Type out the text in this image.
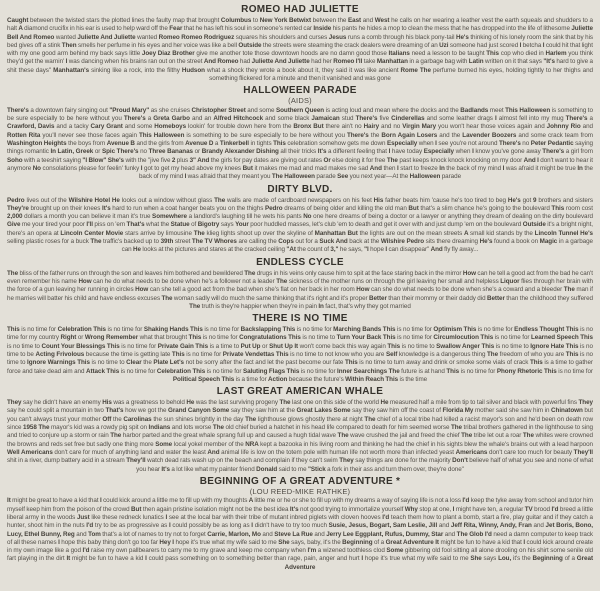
ROMEO HAD JULIETTE

Caught between the twisted stars the plotted lines the faulty map that brought Columbus to New York Betwixt between the East and West he calls on her wearing a leather vest the earth squeals and shudders to a halt A diamond crucifix in his ear is used to help ward off the Fear that he has left his soul in someone's rented car Inside his pants he hides a mop to clean the mess that he has dropped into the life of lithesome Juliette Bell And Romeo wanted Juliette And Juliette wanted Romeo Romeo Rodriguez squares his shoulders and curses Jesus runs a comb through his black pony-tail He's thinking of his lonely room the sink that by his bed gives off a stink Then smells her perfume in his eyes and her voice was like a bell Outside the streets were steaming the crack dealers were dreaming of an Uzi someone had just scored I betcha I could hit that light with my one good arm behind my back says little Joey Diaz Brother give me another tote those downtown hoods are no damn good those Italians need a lesson to be taught This cop who died in Harlem you think they'd get the warnin' I was dancing when his brains ran out on the street And Romeo had Juliette And Juliette had her Romeo I'll take Manhattan in a garbage bag with Latin written on it that says "It's hard to give a shit these days" Manhattan's sinking like a rock, into the filthy Hudson what a shock they wrote a book about it, they said it was like ancient Rome The perfume burned his eyes, holding tightly to her thighs and something flickered for a minute and then it vanished and was gone

HALLOWEEN PARADE
(AIDS)

There's a downtown fairy singing out "Proud Mary" as she cruises Christopher Street and some Southern Queen is acting loud and mean where the docks and the Badlands meet This Halloween is something to be sure especially to be here without you There's a Greta Garbo and an Alfred Hitchcock and some black Jamaican stud There's five Cinderellas and some leather drags I almost fell into my mug There's a Crawford, Davis and a tacky Cary Grant and some Homeboys lookin' for trouble down here from the Bronx But there ain't no Hairy and no Virgin Mary you won't hear those voices again and Johnny Rio and Rotten Rita you'll never see those faces again This Halloween is something to be sure especially to be here without you There's the Born Again Losers and the Lavender Boozers and some crack team from Washington Heights the boys from Avenue B and the girls from Avenue D a Tinkerbell in tights This celebration somehow gets me down Especially when I see you're not around There's no Peter Pedantic saying things romantic In Latin, Greek or Spic There's no Three Bananas or Brandy Alexander Dishing all their tricks It's a different feeling that I have today Especially when I know you've gone away There's a girl from Soho with a teeshirt saying "I Blow" She's with the "jive five 2 plus 3" And the girls for pay dates are giving out rates Or else doing it for free The past keeps knock knock knocking on my door And I don't want to hear it anymore No consolations please for feelin' funky I got to get my head above my knees But it makes me mad and mad makes me sad And then I start to freeze In the back of my mind I was afraid it might be true In the back of my mind I was afraid that they meant you The Halloween parade See you next year—At the Halloween parade

DIRTY BLVD.

Pedro lives out of the Wilshire Hotel He looks out a window without glass The walls are made of cardboard newspapers on his feet His father beats him 'cause he's too tired to beg He's got 9 brothers and sisters They're brought up on their knees It's hard to run when a coat hanger beats you on the thighs Pedro dreams of being older and killing the old man But that's a slim chance he's going to the boulevard This room cost 2,000 dollars a month you can believe it man it's true Somewhere a landlord's laughing till he wets his pants No one here dreams of being a doctor or a lawyer or anything they dream of dealing on the dirty boulevard Give me your tired your poor I'll piss on 'em That's what the Statue of Bigotry says Your poor huddled masses, let's club 'em to death and get it over with and just dump 'em on the boulevard Outside it's a bright night, there's an opera at Lincoln Center Movie stars arrive by limousine The klieg lights shoot up over the skyline of Manhattan But the lights are out on the mean streets A small kid stands by the Lincoln Tunnel He's selling plastic roses for a buck The traffic's backed up to 39th street The TV Whores are calling the Cops out for a Suck And back at the Wilshire Pedro sits there dreaming He's found a book on Magic in a garbage can He looks at the pictures and stares at the cracked ceiling "At the count of 3," he says, "I hope I can disappear" And fly fly away...

ENDLESS CYCLE

The bliss of the father runs on through the son and leaves him bothered and bewildered The drugs in his veins only cause him to spit at the face staring back in the mirror How can he tell a good act from the bad he can't even remember his name How can he do what needs to be done when he's a follower not a leader The sickness of the mother runs on through the girl leaving her small and helpless Liquor flies through her brain with the force of a gun leaving her running in circles How can she tell a good act from the bad when she's flat on her back in her room How can she do what needs to be done when she's a coward and a bleeder The man if he marries will batter his child and have endless excuses The woman sadly will do much the same thinking that it's right and it's proper Better than their mommy or their daddy did Better than the childhood they suffered The truth is they're happier when they're in pain In fact, that's why they got married

THERE IS NO TIME

This is no time for Celebration This is no time for Shaking Hands This is no time for Backslapping This is no time for Marching Bands This is no time for Optimism This is no time for Endless Thought This is no time for my country Right or Wrong Remember what that brought This is no time for Congratulations This is no time to Turn Your Back This is no time for Circumlocution This is no time for Learned Speech This is no time to Count Your Blessings This is no time for Private Gain This is a time to Put Up or Shut Up It won't come back this way again This is no time to Swallow Anger This is no time to Ignore Hate This is no time to be Acting Frivolous because the time is getting late This is no time for Private Vendettas This is no time to not know who you are Self knowledge is a dangerous thing The freedom of who you are This is no time to Ignore Warnings This is no time to Clear the Plate Let's not be sorry after the fact and let the past become our fate This is no time to turn away and drink or smoke some vials of crack This is a time to gather force and take dead aim and Attack This is no time for Celebration This is no time for Saluting Flags This is no time for Inner Searchings The future is at hand This is no time for Phony Rhetoric This is no time for Political Speech This is a time for Action because the future's Within Reach This is the time

LAST GREAT AMERICAN WHALE

They say he didn't have an enemy His was a greatness to behold He was the last surviving progeny The last one on this side of the world He measured half a mile from tip to tail silver and black with powerful fins They say he could split a mountain in two That's how we got the Grand Canyon Some say they saw him at the Great Lakes Some say they saw him off the coast of Florida My mother said she saw him in Chinatown but you can't always trust your mother Off the Carolinas the sun shines brightly in the day The lighthouse glows ghostly there at night The chief of a local tribe had killed a racist mayor's son and he'd been on death row since 1958 The mayor's kid was a rowdy pig spit on Indians and lots worse The old chief buried a hatchet in his head life compared to death for him seemed worse The tribal brothers gathered in the lighthouse to sing and tried to conjure up a storm or rain The harbor parted and the great whale sprang full up and caused a hugh tidal wave The wave crushed the jail and freed the chief The tribe let out a roar The whites were crowned the browns and reds set free but sadly one thing more Some local yokel member of the NRA kept a bazooka in his living room and thinking he had the chief in his sights blew the whale's brains out with a lead harpoon Well Americans don't care for much of anything land and water the least And animal life is low on the totem pole with human life not worth more than infected yeast Americans don't care too much for beauty They'll shit in a river, dump battery acid in a stream They'll watch dead rats wash up on the beach and complain if they can't swim They say things are done for the majority Don't believe half of what you see and none of what you hear It's a lot like what my painter friend Donald said to me "Stick a fork in their ass and turn them over, they're done"

BEGINNING OF A GREAT ADVENTURE *
(LOU REED-MIKE RATHKE)

It might be great to have a kid that I could kick around a little me to fill up with my thoughts A little me or he or she to fill up with my dreams a way of saying life is not a loss I'd keep the tyke away from school and tutor him myself keep him from the poison of the crowd But then again pristine isolation might not be the best idea It's not good trying to immortalize yourself Why stop at one, I might have ten, a regular TV brood I'd breed a little liberal army in the woods Just like these redneck lunatics I see at the local bar with their tribe of mutant inbred piglets with cloven hooves I'd teach them how to plant a bomb, start a fire, play guitar and if they catch a hunter, shoot him in the nuts I'd try to be as progressive as I could possibly be as long as I didn't have to try too much Susie, Jesus, Bogart, Sam Leslie, Jill and Jeff Rita, Winny, Andy, Fran and Jet Boris, Bono, Lucy, Ethel Bunny, Reg and Tom that's a lot of names to try not to forget Carrie, Marlon, Mo and Steve La Rue and Jerry Lee Eggplant, Rufus, Dummy, Star and The Glob I'd need a damn computer to keep track of all these names I hope this baby thing don't go too far Hey I hope it's true what my wife said to me She says, baby, it's the Beginning of a Great Adventure It might be fun to have a kid that I could kick around create in my own image like a god I'd raise my own pallbearers to carry me to my grave and keep me company when I'm a wizened toothless clod Some gibbering old fool sitting all alone drooling on his shirt some senile old fart playing in the dirt It might be fun to have a kid I could pass something on to something better than rage, pain, anger and hurt I hope it's true what my wife said to me She says Lou, it's the Beginning of a Great Adventure
